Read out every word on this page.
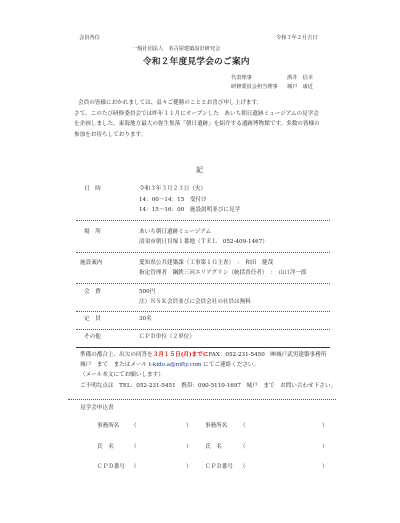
会員各位	令和３年２月吉日
一般社団法人　名古屋建築設計研究会
令和２年度見学会のご案内
代表理事	酒井　信幸
研修委員会担当理事 城戸　康近
会員の皆様におかれましては、益々ご健勝のこととお喜び申し上げます。
さて、このたび研修委員会では昨年１１月にオープンした　あいち朝日遺跡ミュージアムの見学会
を企画しました。東海地方最大の弥生集落「朝日遺跡」を紹介する遺跡博物館です。多数の皆様の
参加をお待ちしております。
記
日　時	令和３年３月２３日（火）
14：00～14：15　受付け
14：15～16：00　施設説明並びに見学
場　所	あいち朝日遺跡ミュージアム
清須市朝日貝塚１番地（ＴＥＬ　052-409-1467）
施設案内	愛知県公共建築課（工事第１Ｇ主査）　：　和田　健哉
指定管理者　鋼鉄三河エリアグリン（統括責任者）　：　山口洋一郎
会　費	500円
注）ＮＳＫ会員並びに会員会社の社員は無料
定　員	30名
その他	ＣＰＤ単位（２単位）
準備の都合上、出欠の回答を３月１５日(月)までにFAX：052-231-5450　㈱城戸武男建築事務所
城戸　まで　またはメール t-kido.a@nifty.com にてご連絡ください。
（メール本文にてお願いします）
ご不明な点は　TEL：052-231-5451　携帯：090-5110-1697　城戸　まで　お問い合わせ下さい。
見学会申込書
事務所名 （	） 事務所名 （	）
氏　名	（	） 氏　名	（	）
ＣＰＤ番号 （	） ＣＰＤ番号 （	）
